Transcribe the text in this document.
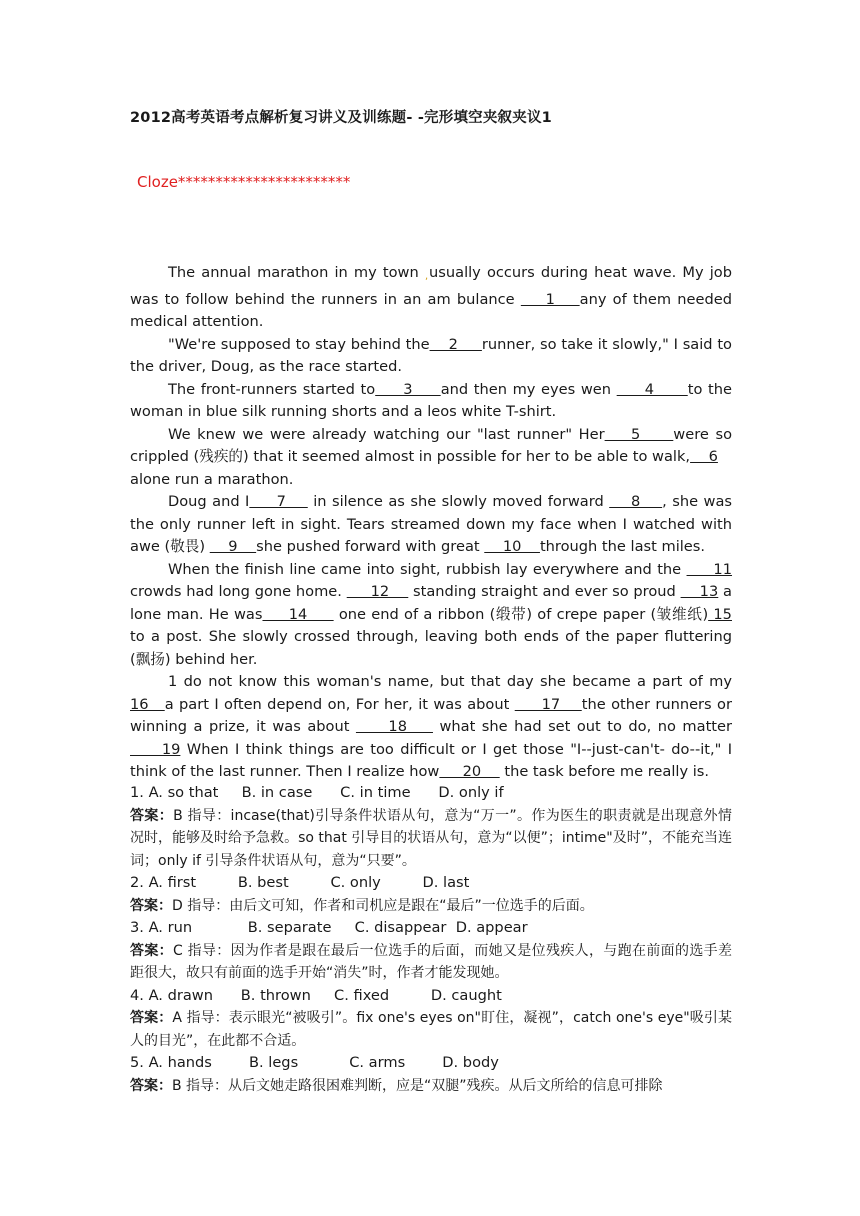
2012高考英语考点解析复习讲义及训练题- -完形填空夹叙夹议1
Cloze***********************

The annual marathon in my town ‚usually occurs during heat wave. My job was to follow behind the runners in an am bulance     1    any of them needed medical attention.

"We're supposed to stay behind the    2     runner, so take it slowly," I said to the driver, Doug, as the race started.

The front-runners started to     3     and then my eyes wen      4      to the woman in blue silk running shorts and a leos white T-shirt.

We knew we were already watching our "last runner" Her    5     were so crippled (残疾的) that it seemed almost in possible for her to be able to walk,    6

alone run a marathon.

Doug and I     7     in silence as she slowly moved forward     8    , she was the only runner left in sight. Tears streamed down my face when I watched with awe (敬畏)     9    she pushed forward with great     10    through the last miles.

When the finish line came into sight, rubbish lay everywhere and the      11 crowds had long gone home.      12     standing straight and ever so proud     13 a lone man. He was     14      one end of a ribbon (缎带) of crepe paper (皱维纸) 15 to a post. She slowly crossed through, leaving both ends of the paper fluttering (飘扬) behind her.

1 do not know this woman's name, but that day she became a part of my 16   a part I often depend on, For her, it was about      17    the other runners or winning a prize, it was about      18     what she had set out to do, no matter      19 When I think things are too difficult or I get those "I--just-can't- do--it," I think of the last runner. Then I realize how     20     the task before me really is.

1. A. so that     B. in case      C. in time      D. only if

答案：B 指导：incase(that)引导条件状语从句，意为“万一”。作为医生的职责就是出现意外情况时，能够及时给予急救。so that 引导目的状语从句，意为“以便”；intime"及时”，不能充当连词；only if 引导条件状语从句，意为“只要”。

2. A. first         B. best         C. only         D. last

答案：D 指导：由后文可知，作者和司机应是跟在“最后”一位选手的后面。

3. A. run            B. separate     C. disappear  D. appear

答案：C 指导：因为作者是跟在最后一位选手的后面，而她又是位残疾人，与跑在前面的选手差距很大，故只有前面的选手开始“消失”时，作者才能发现她。

4. A. drawn      B. thrown     C. fixed         D. caught

答案：A 指导：表示眼光“被吸引”。fix one's eyes on"盯住，凝视”，catch one's eye"吸引某人的目光”，在此都不合适。

5. A. hands        B. legs           C. arms        D. body

答案：B 指导：从后文她走路很困难判断，应是“双腿”残疾。从后文所给的信息可排除
